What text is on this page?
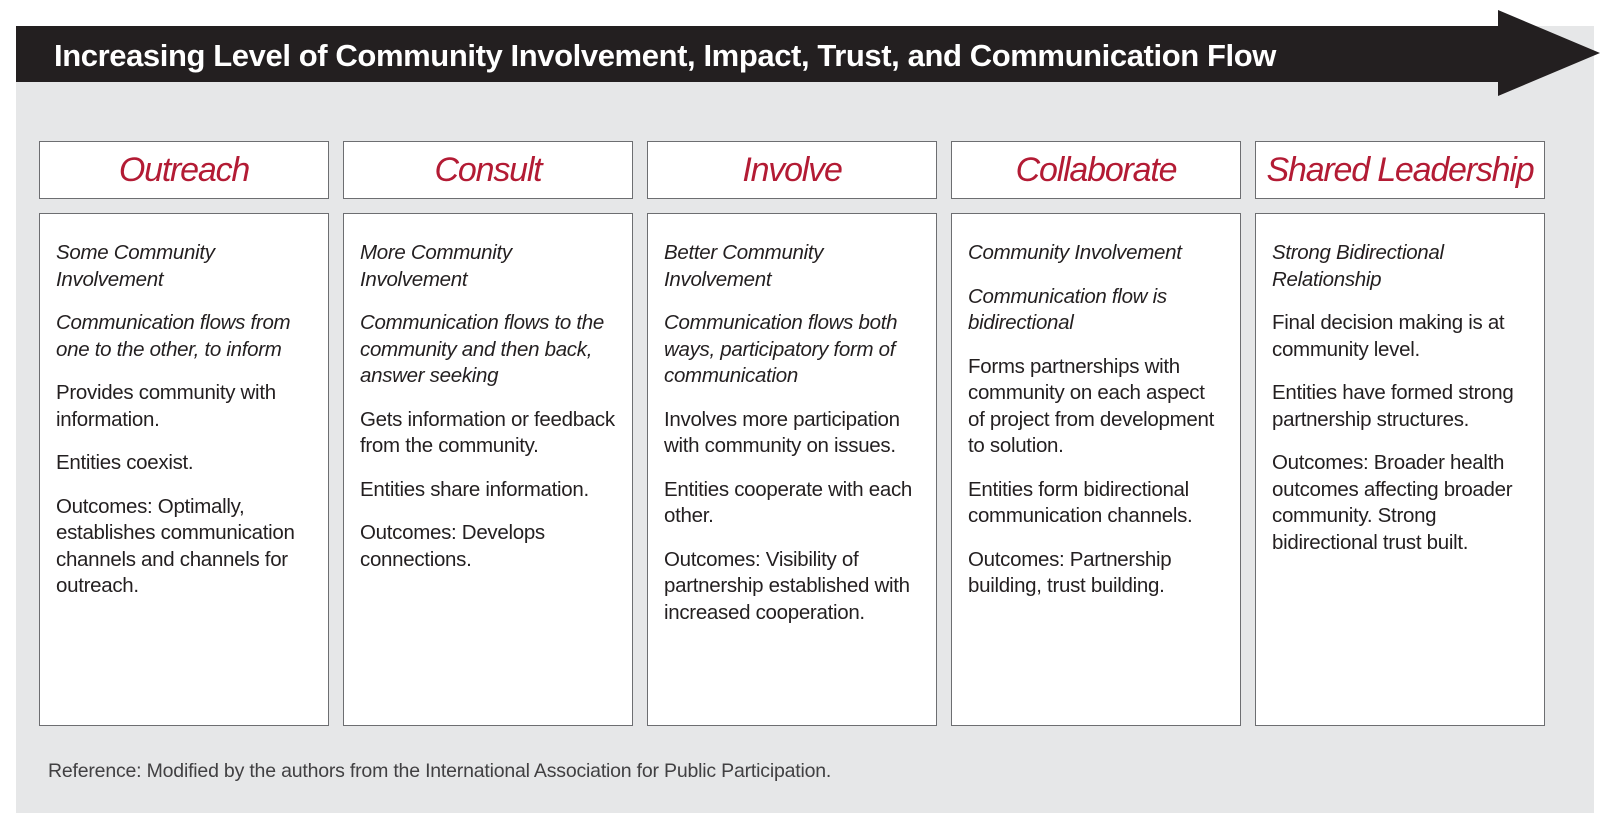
Increasing Level of Community Involvement, Impact, Trust, and Communication Flow
Outreach

Some Community Involvement

Communication flows from one to the other, to inform

Provides community with information.

Entities coexist.

Outcomes: Optimally, establishes communication channels and channels for outreach.

Consult

More Community Involvement

Communication flows to the community and then back, answer seeking

Gets information or feedback from the community.

Entities share information.

Outcomes: Develops connections.

Involve

Better Community Involvement

Communication flows both ways, participatory form of communication

Involves more participation with community on issues.

Entities cooperate with each other.

Outcomes: Visibility of partnership established with increased cooperation.

Collaborate

Community Involvement

Communication flow is bidirectional

Forms partnerships with community on each aspect of project from development to solution.

Entities form bidirectional communication channels.

Outcomes: Partnership building, trust building.

Shared Leadership

Strong Bidirectional Relationship

Final decision making is at community level.

Entities have formed strong partnership structures.

Outcomes: Broader health outcomes affecting broader community. Strong bidirectional trust built.

Reference: Modified by the authors from the International Association for Public Participation.
